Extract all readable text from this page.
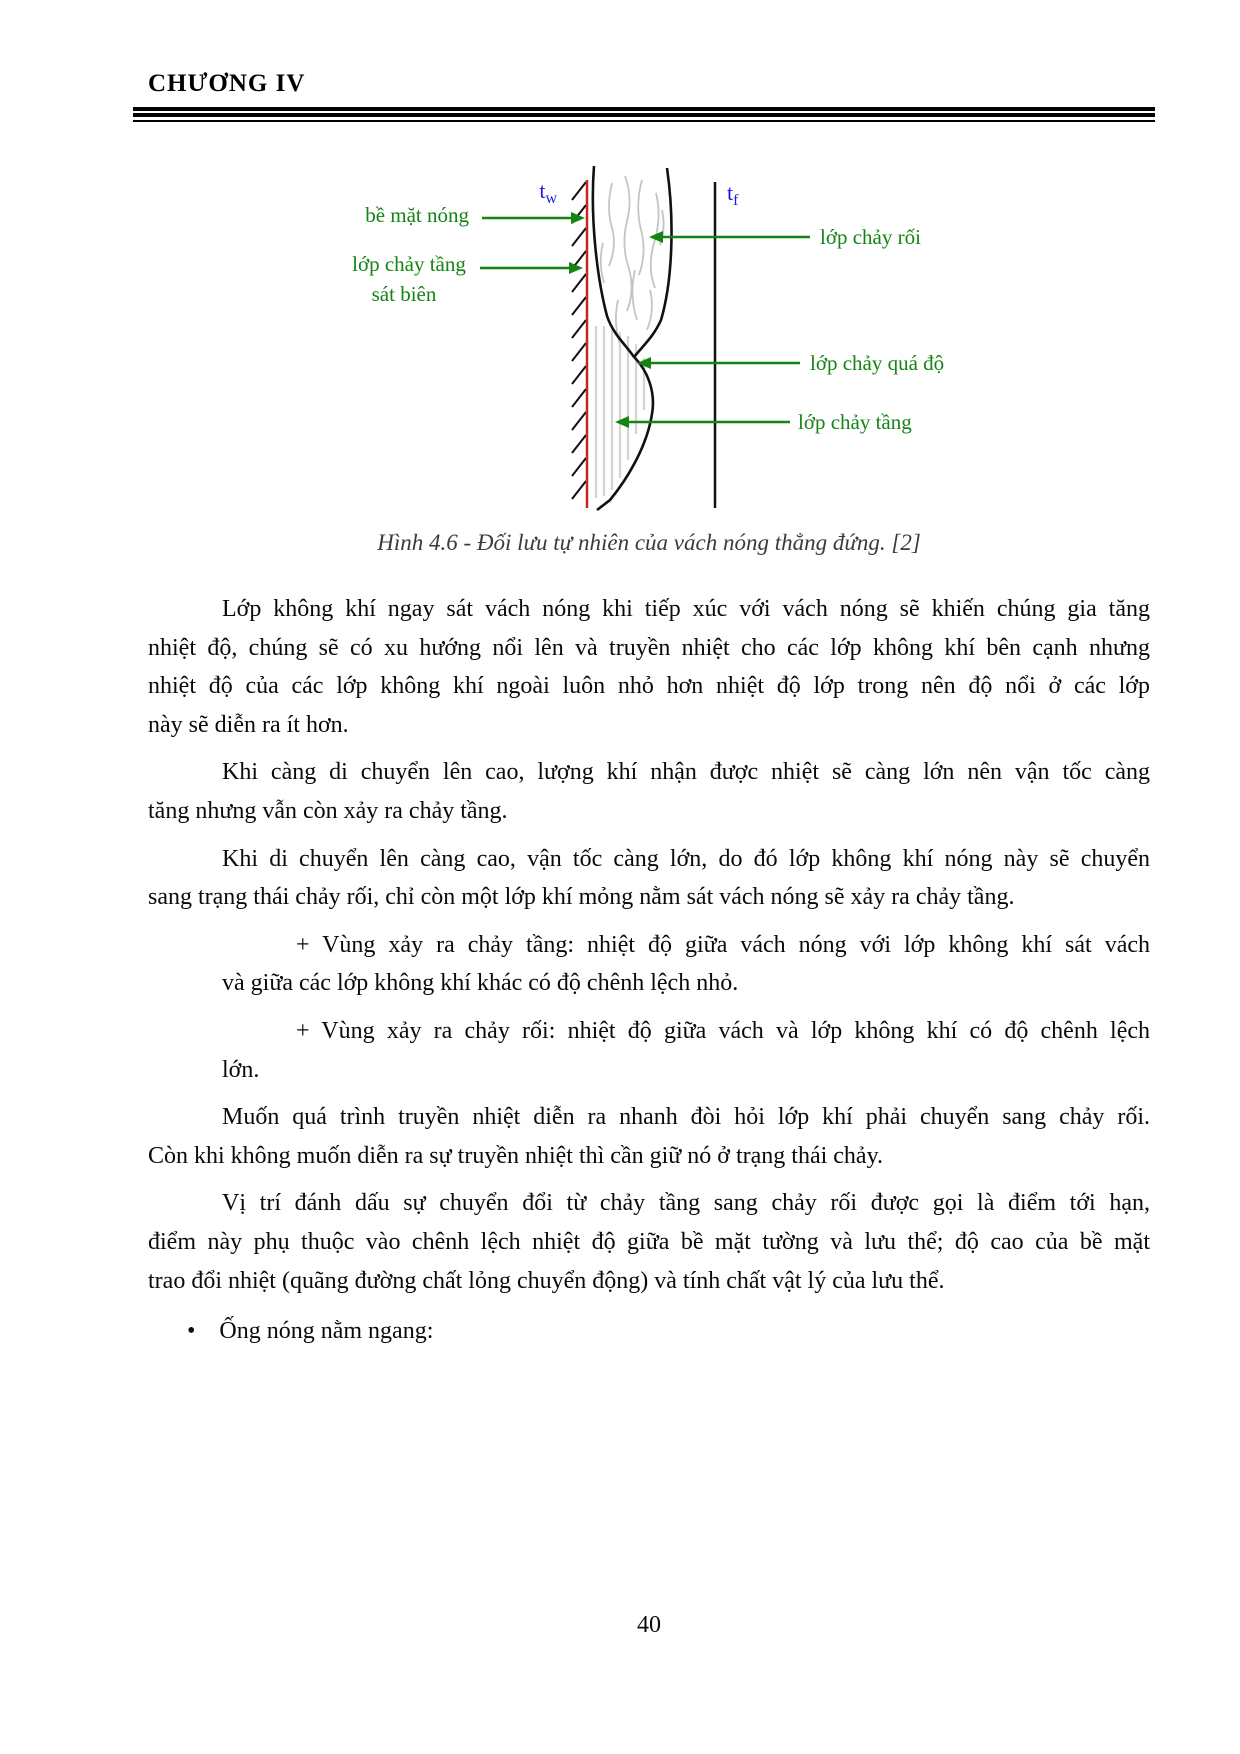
CHƯƠNG IV
$t_w$	$t_f$
bề mặt nóng
lớp chảy tầng
sát biên
lớp chảy rối
lớp chảy quá độ
lớp chảy tầng
Hình 4.6 - Đối lưu tự nhiên của vách nóng thẳng đứng. [2]
Lớp không khí ngay sát vách nóng khi tiếp xúc với vách nóng sẽ khiến chúng gia tăng
nhiệt độ, chúng sẽ có xu hướng nổi lên và truyền nhiệt cho các lớp không khí bên cạnh nhưng
nhiệt độ của các lớp không khí ngoài luôn nhỏ hơn nhiệt độ lớp trong nên độ nổi ở các lớp
này sẽ diễn ra ít hơn.
Khi càng di chuyển lên cao, lượng khí nhận được nhiệt sẽ càng lớn nên vận tốc càng
tăng nhưng vẫn còn xảy ra chảy tầng.
Khi di chuyển lên càng cao, vận tốc càng lớn, do đó lớp không khí nóng này sẽ chuyển
sang trạng thái chảy rối, chỉ còn một lớp khí mỏng nằm sát vách nóng sẽ xảy ra chảy tầng.
+ Vùng xảy ra chảy tầng: nhiệt độ giữa vách nóng với lớp không khí sát vách
và giữa các lớp không khí khác có độ chênh lệch nhỏ.
+ Vùng xảy ra chảy rối: nhiệt độ giữa vách và lớp không khí có độ chênh lệch
lớn.
Muốn quá trình truyền nhiệt diễn ra nhanh đòi hỏi lớp khí phải chuyển sang chảy rối.
Còn khi không muốn diễn ra sự truyền nhiệt thì cần giữ nó ở trạng thái chảy.
Vị trí đánh dấu sự chuyển đổi từ chảy tầng sang chảy rối được gọi là điểm tới hạn,
điểm này phụ thuộc vào chênh lệch nhiệt độ giữa bề mặt tường và lưu thể; độ cao của bề mặt
trao đổi nhiệt (quãng đường chất lỏng chuyển động) và tính chất vật lý của lưu thể.
• Ống nóng nằm ngang:
40
